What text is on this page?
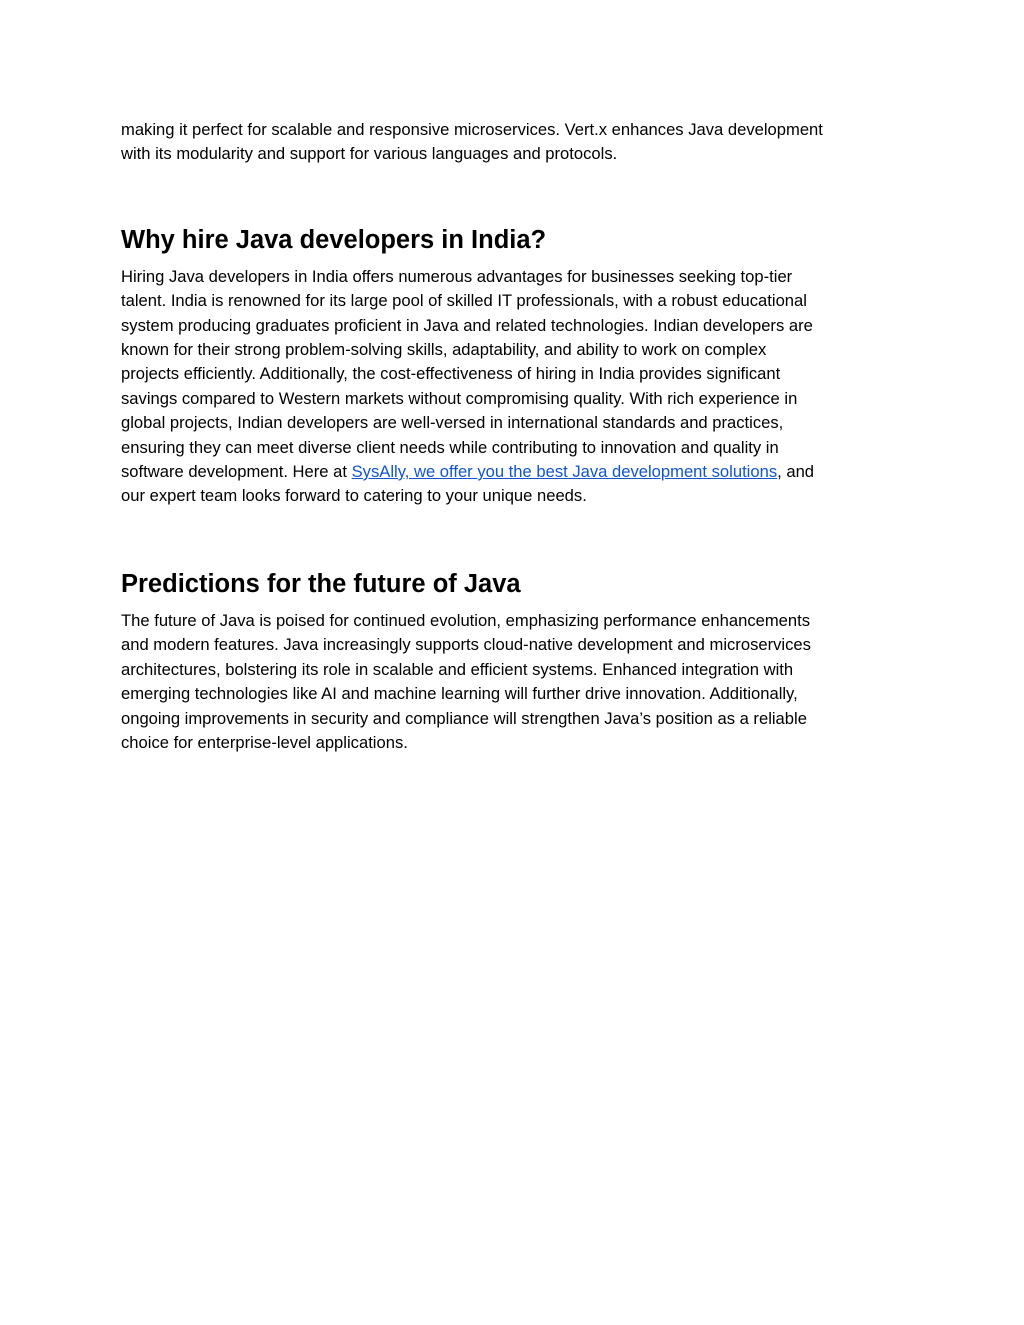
making it perfect for scalable and responsive microservices. Vert.x enhances Java development
with its modularity and support for various languages and protocols.

Why hire Java developers in India?

Hiring Java developers in India offers numerous advantages for businesses seeking top-tier
talent. India is renowned for its large pool of skilled IT professionals, with a robust educational
system producing graduates proficient in Java and related technologies. Indian developers are
known for their strong problem-solving skills, adaptability, and ability to work on complex
projects efficiently. Additionally, the cost-effectiveness of hiring in India provides significant
savings compared to Western markets without compromising quality. With rich experience in
global projects, Indian developers are well-versed in international standards and practices,
ensuring they can meet diverse client needs while contributing to innovation and quality in
software development. Here at SysAlly, we offer you the best Java development solutions, and
our expert team looks forward to catering to your unique needs.

Predictions for the future of Java

The future of Java is poised for continued evolution, emphasizing performance enhancements
and modern features. Java increasingly supports cloud-native development and microservices
architectures, bolstering its role in scalable and efficient systems. Enhanced integration with
emerging technologies like AI and machine learning will further drive innovation. Additionally,
ongoing improvements in security and compliance will strengthen Java’s position as a reliable
choice for enterprise-level applications.
